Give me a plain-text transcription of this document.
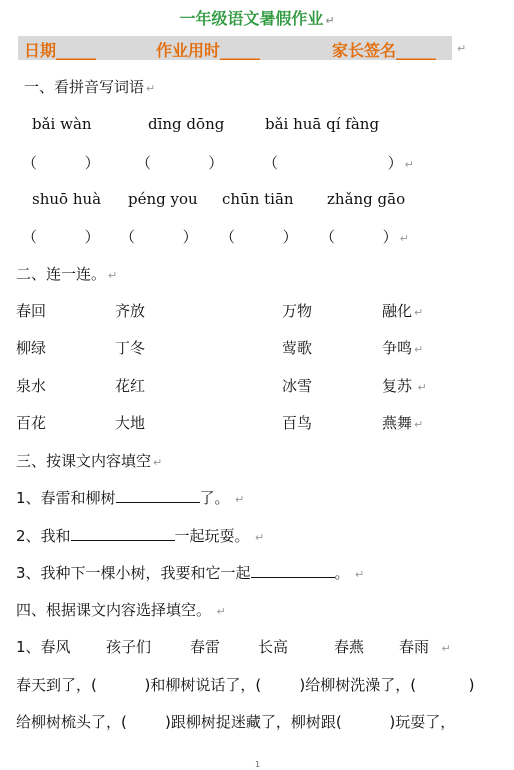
一年级语文暑假作业 ↵
日期_____	作业用时_____	家长签名_____ ↵
一、看拼音写词语 ↵
bǎi wàn	dīng dōng	bǎi huā qí fàng
（          ） （            ）	（                       ） ↵
shuō huà péng you chūn tiān zhǎng gāo
（          ） （          ） （          ） （          ） ↵
二、连一连。 ↵
春回	齐放	万物	融化 ↵
柳绿	丁冬	莺歌	争鸣 ↵
泉水	花红	冰雪	复苏 ↵
百花	大地	百鸟	燕舞 ↵
三、按课文内容填空 ↵
1、春雷和柳树	了。 ↵
2、我和	一起玩耍。 ↵
3、我种下一棵小树，我要和它一起	。 ↵
四、根据课文内容选择填空。 ↵
1、春风 孩子们	春雷	长高	春燕 春雨   ↵
春天到了，(	)和柳树说话了，(	)给柳树洗澡了，(	)
给柳树梳头了，(	)跟柳树捉迷藏了，柳树跟(	)玩耍了，
1
